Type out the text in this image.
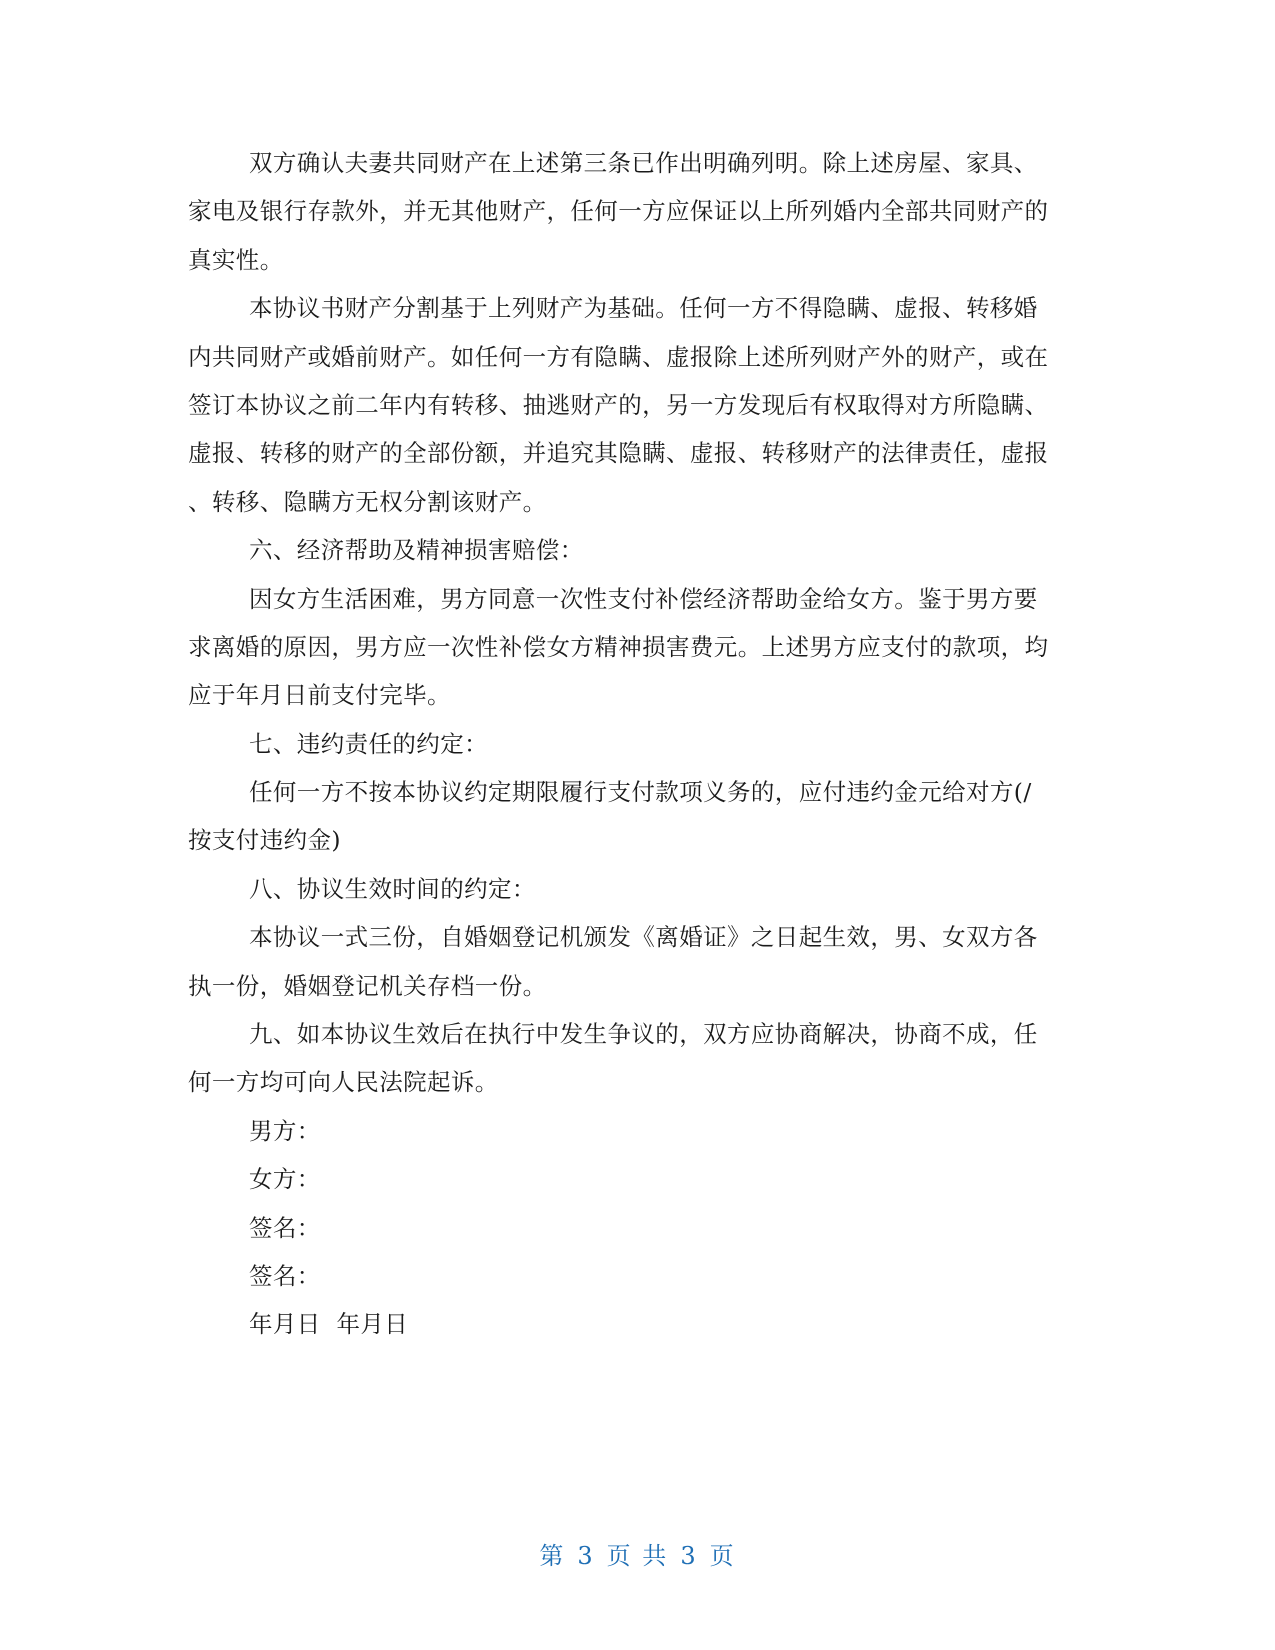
双方确认夫妻共同财产在上述第三条已作出明确列明。除上述房屋、家具、
家电及银行存款外，并无其他财产，任何一方应保证以上所列婚内全部共同财产的
真实性。
本协议书财产分割基于上列财产为基础。任何一方不得隐瞒、虚报、转移婚
内共同财产或婚前财产。如任何一方有隐瞒、虚报除上述所列财产外的财产，或在
签订本协议之前二年内有转移、抽逃财产的，另一方发现后有权取得对方所隐瞒、
虚报、转移的财产的全部份额，并追究其隐瞒、虚报、转移财产的法律责任，虚报
、转移、隐瞒方无权分割该财产。
六、经济帮助及精神损害赔偿：
因女方生活困难，男方同意一次性支付补偿经济帮助金给女方。鉴于男方要
求离婚的原因，男方应一次性补偿女方精神损害费元。上述男方应支付的款项，均
应于年月日前支付完毕。
七、违约责任的约定：
任何一方不按本协议约定期限履行支付款项义务的，应付违约金元给对方(/
按支付违约金)
八、协议生效时间的约定：
本协议一式三份，自婚姻登记机颁发《离婚证》之日起生效，男、女双方各
执一份，婚姻登记机关存档一份。
九、如本协议生效后在执行中发生争议的，双方应协商解决，协商不成，任
何一方均可向人民法院起诉。
男方：
女方：
签名：
签名：
年月日  年月日
第 3 页 共 3 页
